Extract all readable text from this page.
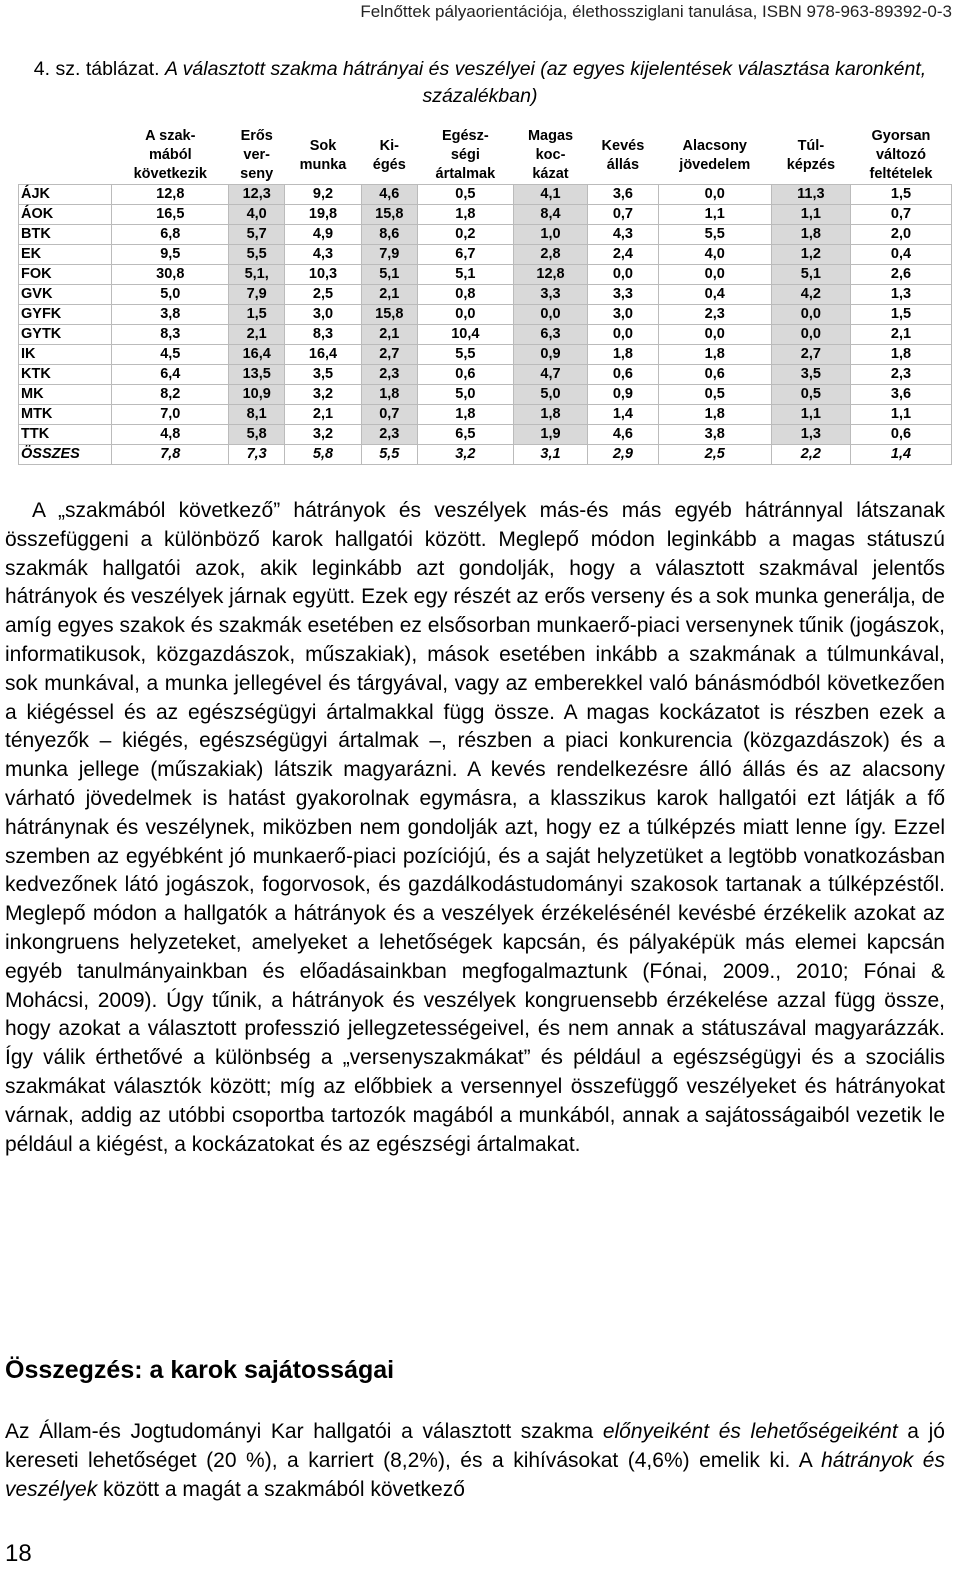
Felnőttek pályaorientációja, élethossziglani tanulása, ISBN 978-963-89392-0-3
4. sz. táblázat. A választott szakma hátrányai és veszélyei (az egyes kijelentések választása karonként, százalékban)
	A szak-
mából
következik	Erős
ver-
seny	Sok
munka	Ki-
égés	Egész-
ségi
ártalmak	Magas
koc-
kázat	Kevés
állás	Alacsony
jövedelem	Túl-
képzés	Gyorsan
változó
feltételek
ÁJK	12,8	12,3	9,2	4,6	0,5	4,1	3,6	0,0	11,3	1,5
ÁOK	16,5	4,0	19,8	15,8	1,8	8,4	0,7	1,1	1,1	0,7
BTK	6,8	5,7	4,9	8,6	0,2	1,0	4,3	5,5	1,8	2,0
EK	9,5	5,5	4,3	7,9	6,7	2,8	2,4	4,0	1,2	0,4
FOK	30,8	5,1,	10,3	5,1	5,1	12,8	0,0	0,0	5,1	2,6
GVK	5,0	7,9	2,5	2,1	0,8	3,3	3,3	0,4	4,2	1,3
GYFK	3,8	1,5	3,0	15,8	0,0	0,0	3,0	2,3	0,0	1,5
GYTK	8,3	2,1	8,3	2,1	10,4	6,3	0,0	0,0	0,0	2,1
IK	4,5	16,4	16,4	2,7	5,5	0,9	1,8	1,8	2,7	1,8
KTK	6,4	13,5	3,5	2,3	0,6	4,7	0,6	0,6	3,5	2,3
MK	8,2	10,9	3,2	1,8	5,0	5,0	0,9	0,5	0,5	3,6
MTK	7,0	8,1	2,1	0,7	1,8	1,8	1,4	1,8	1,1	1,1
TTK	4,8	5,8	3,2	2,3	6,5	1,9	4,6	3,8	1,3	0,6
ÖSSZES	7,8	7,3	5,8	5,5	3,2	3,1	2,9	2,5	2,2	1,4

A „szakmából következő” hátrányok és veszélyek más-és más egyéb hátránnyal látszanak összefüggeni a különböző karok hallgatói között. Meglepő módon leginkább a magas státuszú szakmák hallgatói azok, akik leginkább azt gondolják, hogy a választott szakmával jelentős hátrányok és veszélyek járnak együtt. Ezek egy részét az erős verseny és a sok munka generálja, de amíg egyes szakok és szakmák esetében ez elsősorban munkaerő-piaci versenynek tűnik (jogászok, informatikusok, közgazdászok, műszakiak), mások esetében inkább a szakmának a túlmunkával, sok munkával, a munka jellegével és tárgyával, vagy az emberekkel való bánásmódból következően a kiégéssel és az egészségügyi ártalmakkal függ össze. A magas kockázatot is részben ezek a tényezők – kiégés, egészségügyi ártalmak –, részben a piaci konkurencia (közgazdászok) és a munka jellege (műszakiak) látszik magyarázni. A kevés rendelkezésre álló állás és az alacsony várható jövedelmek is hatást gyakorolnak egymásra, a klasszikus karok hallgatói ezt látják a fő hátránynak és veszélynek, miközben nem gondolják azt, hogy ez a túlképzés miatt lenne így. Ezzel szemben az egyébként jó munkaerő-piaci pozíciójú, és a saját helyzetüket a legtöbb vonatkozásban kedvezőnek látó jogászok, fogorvosok, és gazdálkodástudományi szakosok tartanak a túlképzéstől. Meglepő módon a hallgatók a hátrányok és a veszélyek érzékelésénél kevésbé érzékelik azokat az inkongruens helyzeteket, amelyeket a lehetőségek kapcsán, és pályaképük más elemei kapcsán egyéb tanulmányainkban és előadásainkban megfogalmaztunk (Fónai, 2009., 2010; Fónai & Mohácsi, 2009). Úgy tűnik, a hátrányok és veszélyek kongruensebb érzékelése azzal függ össze, hogy azokat a választott professzió jellegzetességeivel, és nem annak a státuszával magyarázzák. Így válik érthetővé a különbség a „versenyszakmákat” és például a egészségügyi és a szociális szakmákat választók között; míg az előbbiek a versennyel összefüggő veszélyeket és hátrányokat várnak, addig az utóbbi csoportba tartozók magából a munkából, annak a sajátosságaiból vezetik le például a kiégést, a kockázatokat és az egészségi ártalmakat.

Összegzés: a karok sajátosságai

Az Állam-és Jogtudományi Kar hallgatói a választott szakma előnyeiként és lehetőségeiként a jó kereseti lehetőséget (20 %), a karriert (8,2%), és a kihívásokat (4,6%) emelik ki. A hátrányok és veszélyek között a magát a szakmából következő

18
